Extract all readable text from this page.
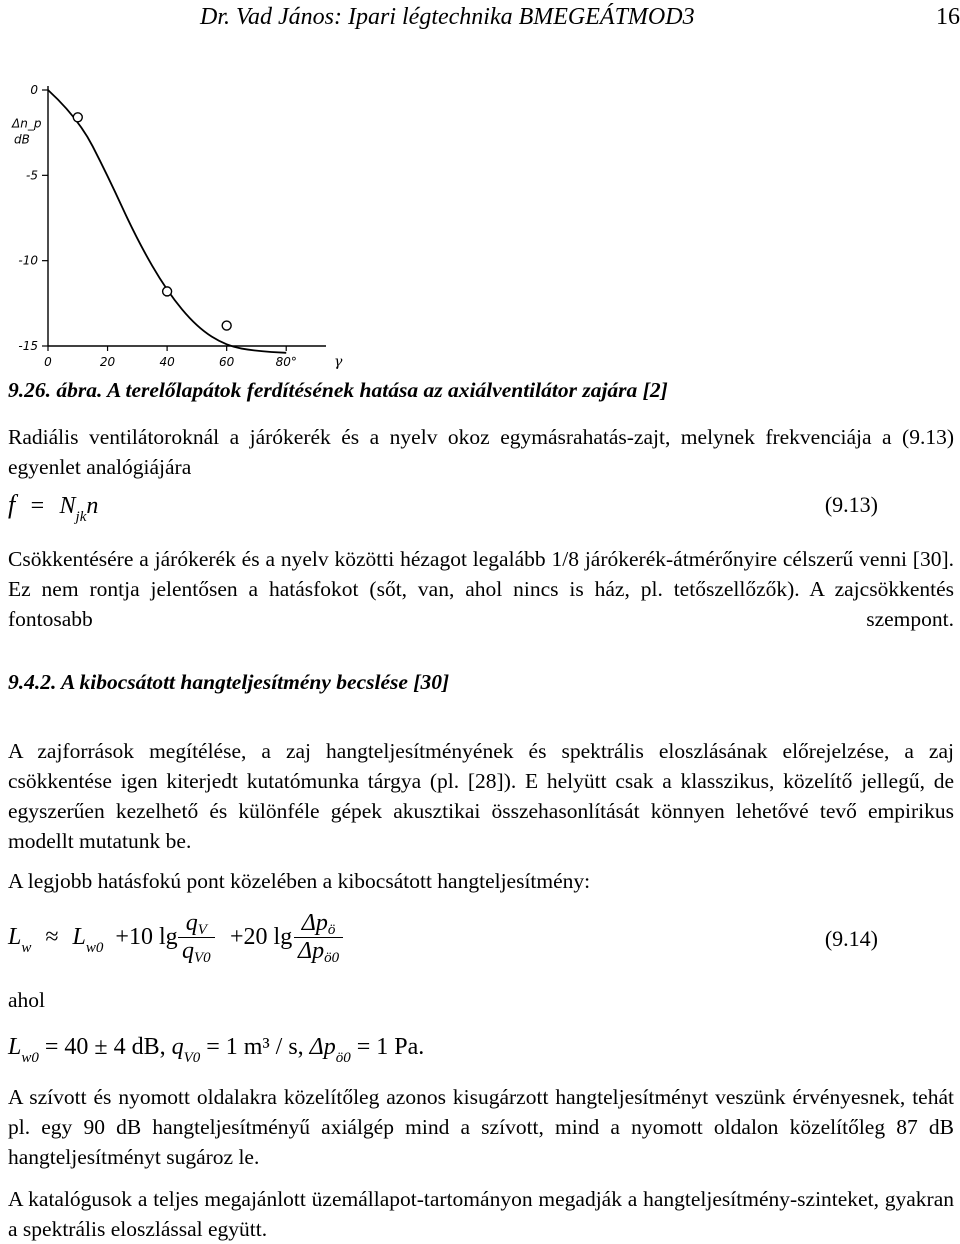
Dr. Vad János: Ipari légtechnika BMEGEÁTMOD3	16
0
-5
-10
-15
0	20	40	60	80°	γ
Δn_p
dB
9.26. ábra. A terelőlapátok ferdítésének hatása az axiálventilátor zajára [2]
Radiális ventilátoroknál a járókerék és a nyelv okoz egymásrahatás-zajt, melynek frekvenciája a (9.13) egyenlet analógiájára
$f = N_{jk}n$	(9.13)
Csökkentésére a járókerék és a nyelv közötti hézagot legalább 1/8 járókerék-átmérőnyire célszerű venni [30]. Ez nem rontja jelentősen a hatásfokot (sőt, van, ahol nincs is ház, pl. tetőszellőzők). A zajcsökkentés fontosabb szempont.
9.4.2. A kibocsátott hangteljesítmény becslése [30]
A zajforrások megítélése, a zaj hangteljesítményének és spektrális eloszlásának előrejelzése, a zaj csökkentése igen kiterjedt kutatómunka tárgya (pl. [28]). E helyütt csak a klasszikus, közelítő jellegű, de egyszerűen kezelhető és különféle gépek akusztikai összehasonlítását könnyen lehetővé tevő empirikus modellt mutatunk be.
A legjobb hatásfokú pont közelében a kibocsátott hangteljesítmény:
$L_w \approx L_{w0} +10$ $\lg \frac{qV}{qV0} +20$ lg
Δpö
Δpö0
(9.14)
ahol
$L_{w0} = 40 \pm 4$ dB, $q_{V0} = 1$ m³ / s, $\Delta p_{ö0} = 1$ Pa.
A szívott és nyomott oldalakra közelítőleg azonos kisugárzott hangteljesítményt veszünk érvényesnek, tehát pl. egy 90 dB hangteljesítményű axiálgép mind a szívott, mind a nyomott oldalon közelítőleg 87 dB hangteljesítményt sugároz le.
A katalógusok a teljes megajánlott üzemállapot-tartományon megadják a hangteljesítmény-szinteket, gyakran a spektrális eloszlással együtt.
